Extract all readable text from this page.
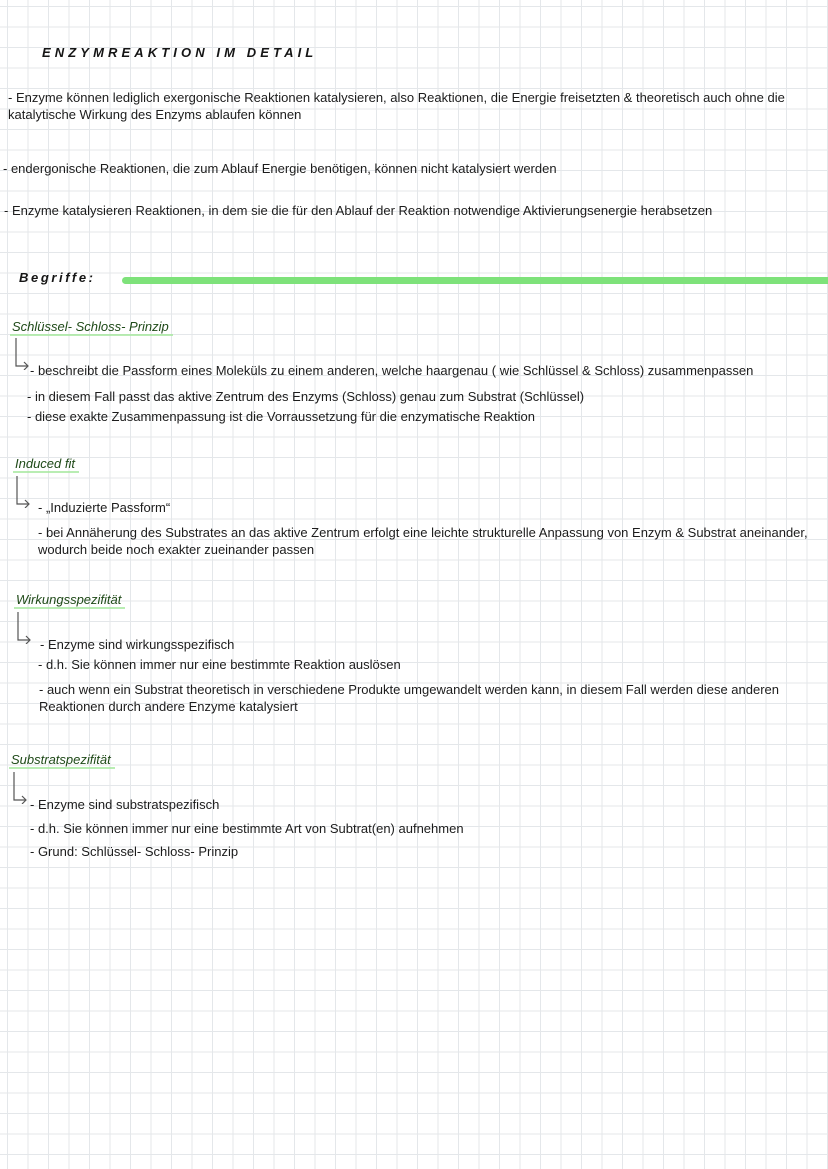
ENZYMREAKTION IM DETAIL
- Enzyme können lediglich exergonische Reaktionen katalysieren, also Reaktionen, die Energie freisetzten & theoretisch auch ohne die katalytische Wirkung des Enzyms ablaufen können
- endergonische Reaktionen, die zum Ablauf Energie benötigen, können nicht katalysiert werden
- Enzyme katalysieren Reaktionen, in dem sie die für den Ablauf der Reaktion notwendige Aktivierungsenergie herabsetzen
Begriffe:
Schlüssel- Schloss- Prinzip
- beschreibt die Passform eines Moleküls zu einem anderen, welche haargenau ( wie Schlüssel & Schloss) zusammenpassen
- in diesem Fall passt das aktive Zentrum des Enzyms (Schloss) genau zum Substrat (Schlüssel)
- diese exakte Zusammenpassung ist die Vorraussetzung für die enzymatische Reaktion
Induced fit
- „Induzierte Passform“
- bei Annäherung des Substrates an das aktive Zentrum erfolgt eine leichte strukturelle Anpassung von Enzym & Substrat aneinander, wodurch beide noch exakter zueinander passen
Wirkungsspezifität
- Enzyme sind wirkungsspezifisch
- d.h. Sie können immer nur eine bestimmte Reaktion auslösen
- auch wenn ein Substrat theoretisch in verschiedene Produkte umgewandelt werden kann, in diesem Fall werden diese anderen Reaktionen durch andere Enzyme katalysiert
Substratspezifität
- Enzyme sind substratspezifisch
- d.h. Sie können immer nur eine bestimmte Art von Subtrat(en) aufnehmen
- Grund: Schlüssel- Schloss- Prinzip
